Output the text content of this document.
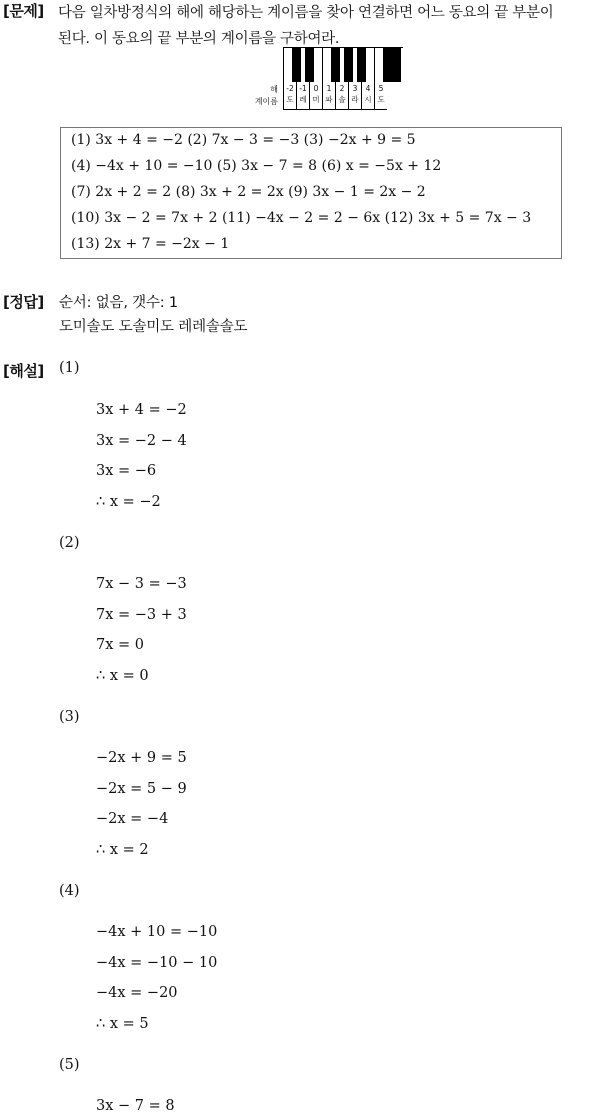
[문제] 다음 일차방정식의 해에 해당하는 계이름을 찾아 연결하면 어느 동요의 끝 부분이
된다. 이 동요의 끝 부분의 계이름을 구하여라.
해
계이름
-2 -1 0	1	2	3	4	5
도 레 미 파 솔 라 시 도
(1) 3x + 4 = −2 (2) 7x − 3 = −3 (3) −2x + 9 = 5
(4) −4x + 10 = −10 (5) 3x − 7 = 8 (6) x = −5x + 12
(7) 2x + 2 = 2 (8) 3x + 2 = 2x (9) 3x − 1 = 2x − 2
(10) 3x − 2 = 7x + 2 (11) −4x − 2 = 2 − 6x (12) 3x + 5 = 7x − 3
(13) 2x + 7 = −2x − 1
[정답] 순서: 없음, 갯수: 1
도미솔도 도솔미도 레레솔솔도
[해설] (1)
3x + 4 = −2
3x = −2 − 4
3x = −6
∴ x = −2
(2)
7x − 3 = −3
7x = −3 + 3
7x = 0
∴ x = 0
(3)
−2x + 9 = 5
−2x = 5 − 9
−2x = −4
∴ x = 2
(4)
−4x + 10 = −10
−4x = −10 − 10
−4x = −20
∴ x = 5
(5)
3x − 7 = 8
